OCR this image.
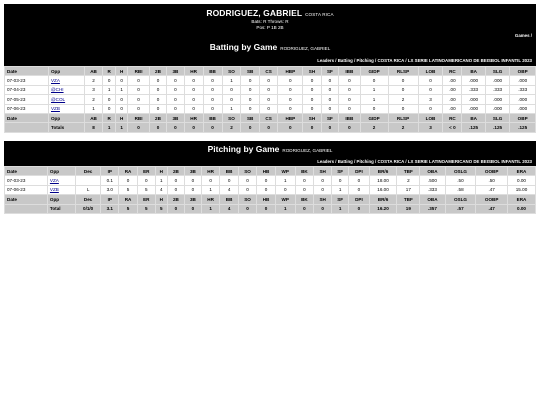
RODRIGUEZ, GABRIEL COSTA RICA
Bats: R Throws: R
Pos: P 1B 2B
Games /
Batting by Game RODRIGUEZ, GABRIEL
Leaders / Batting / Pitching / COSTA RICA / LX SERIE LATINOAMERICANO DE BEISBOL INFANTIL 2023
Date	Opp	AB	R	H	RBI	2B	3B	HR	BB	SO	SB	CS	HBP	SH	SF	IBB	GIDP	RLSP	LOB	RC	BA	SLG	OBP
07-03-23	VZA	2	0	0	0	0	0	0	0	1	0	0	0	0	0	0	0	0	0	.00	.000	.000	.000
07-04-23	@CHI	3	1	1	0	0	0	0	0	0	0	0	0	0	0	0	1	0	0	.00	.333	.333	.333
07-05-23	@COL	2	0	0	0	0	0	0	0	0	0	0	0	0	0	0	1	2	3	.00	.000	.000	.000
07-06-23	VZB	1	0	0	0	0	0	0	0	1	0	0	0	0	0	0	0	0	0	.00	.000	.000	.000
Date	Opp	AB	R	H	RBI	2B	3B	HR	BB	SO	SB	CS	HBP	SH	SF	IBB	GIDP	RLSP	LOB	RC	BA	SLG	OBP
	Totals	8	1	1	0	0	0	0	0	2	0	0	0	0	0	0	2	2	3	< 0	.125	.125	.125
Pitching by Game RODRIGUEZ, GABRIEL
Leaders / Batting / Pitching / COSTA RICA / LX SERIE LATINOAMERICANO DE BEISBOL INFANTIL 2023
Date	Opp	Dec	IP	RA	ER	H	2B	3B	HR	BB	SO	HB	WP	BK	SH	SF	DPI	BR/6	TBF	OBA	OSLG	OOBP	ERA
07-03-23	VZA		0.1	0	0	1	0	0	0	0	0	0	1	0	0	0	0	18.00	2	.500	.50	.50	0.00
07-06-23	VZB	L	3.0	5	5	4	0	0	1	4	0	0	0	0	0	1	0	16.00	17	.333	.58	.47	15.00
Date	Opp	Dec	IP	RA	ER	H	2B	3B	HR	BB	SO	HB	WP	BK	SH	SF	DPI	BR/6	TBF	OBA	OSLG	OOBP	ERA
	Total	0/1/0	3.1	5	5	5	0	0	1	4	0	0	1	0	0	1	0	16.20	19	.357	.57	.47	0.00
